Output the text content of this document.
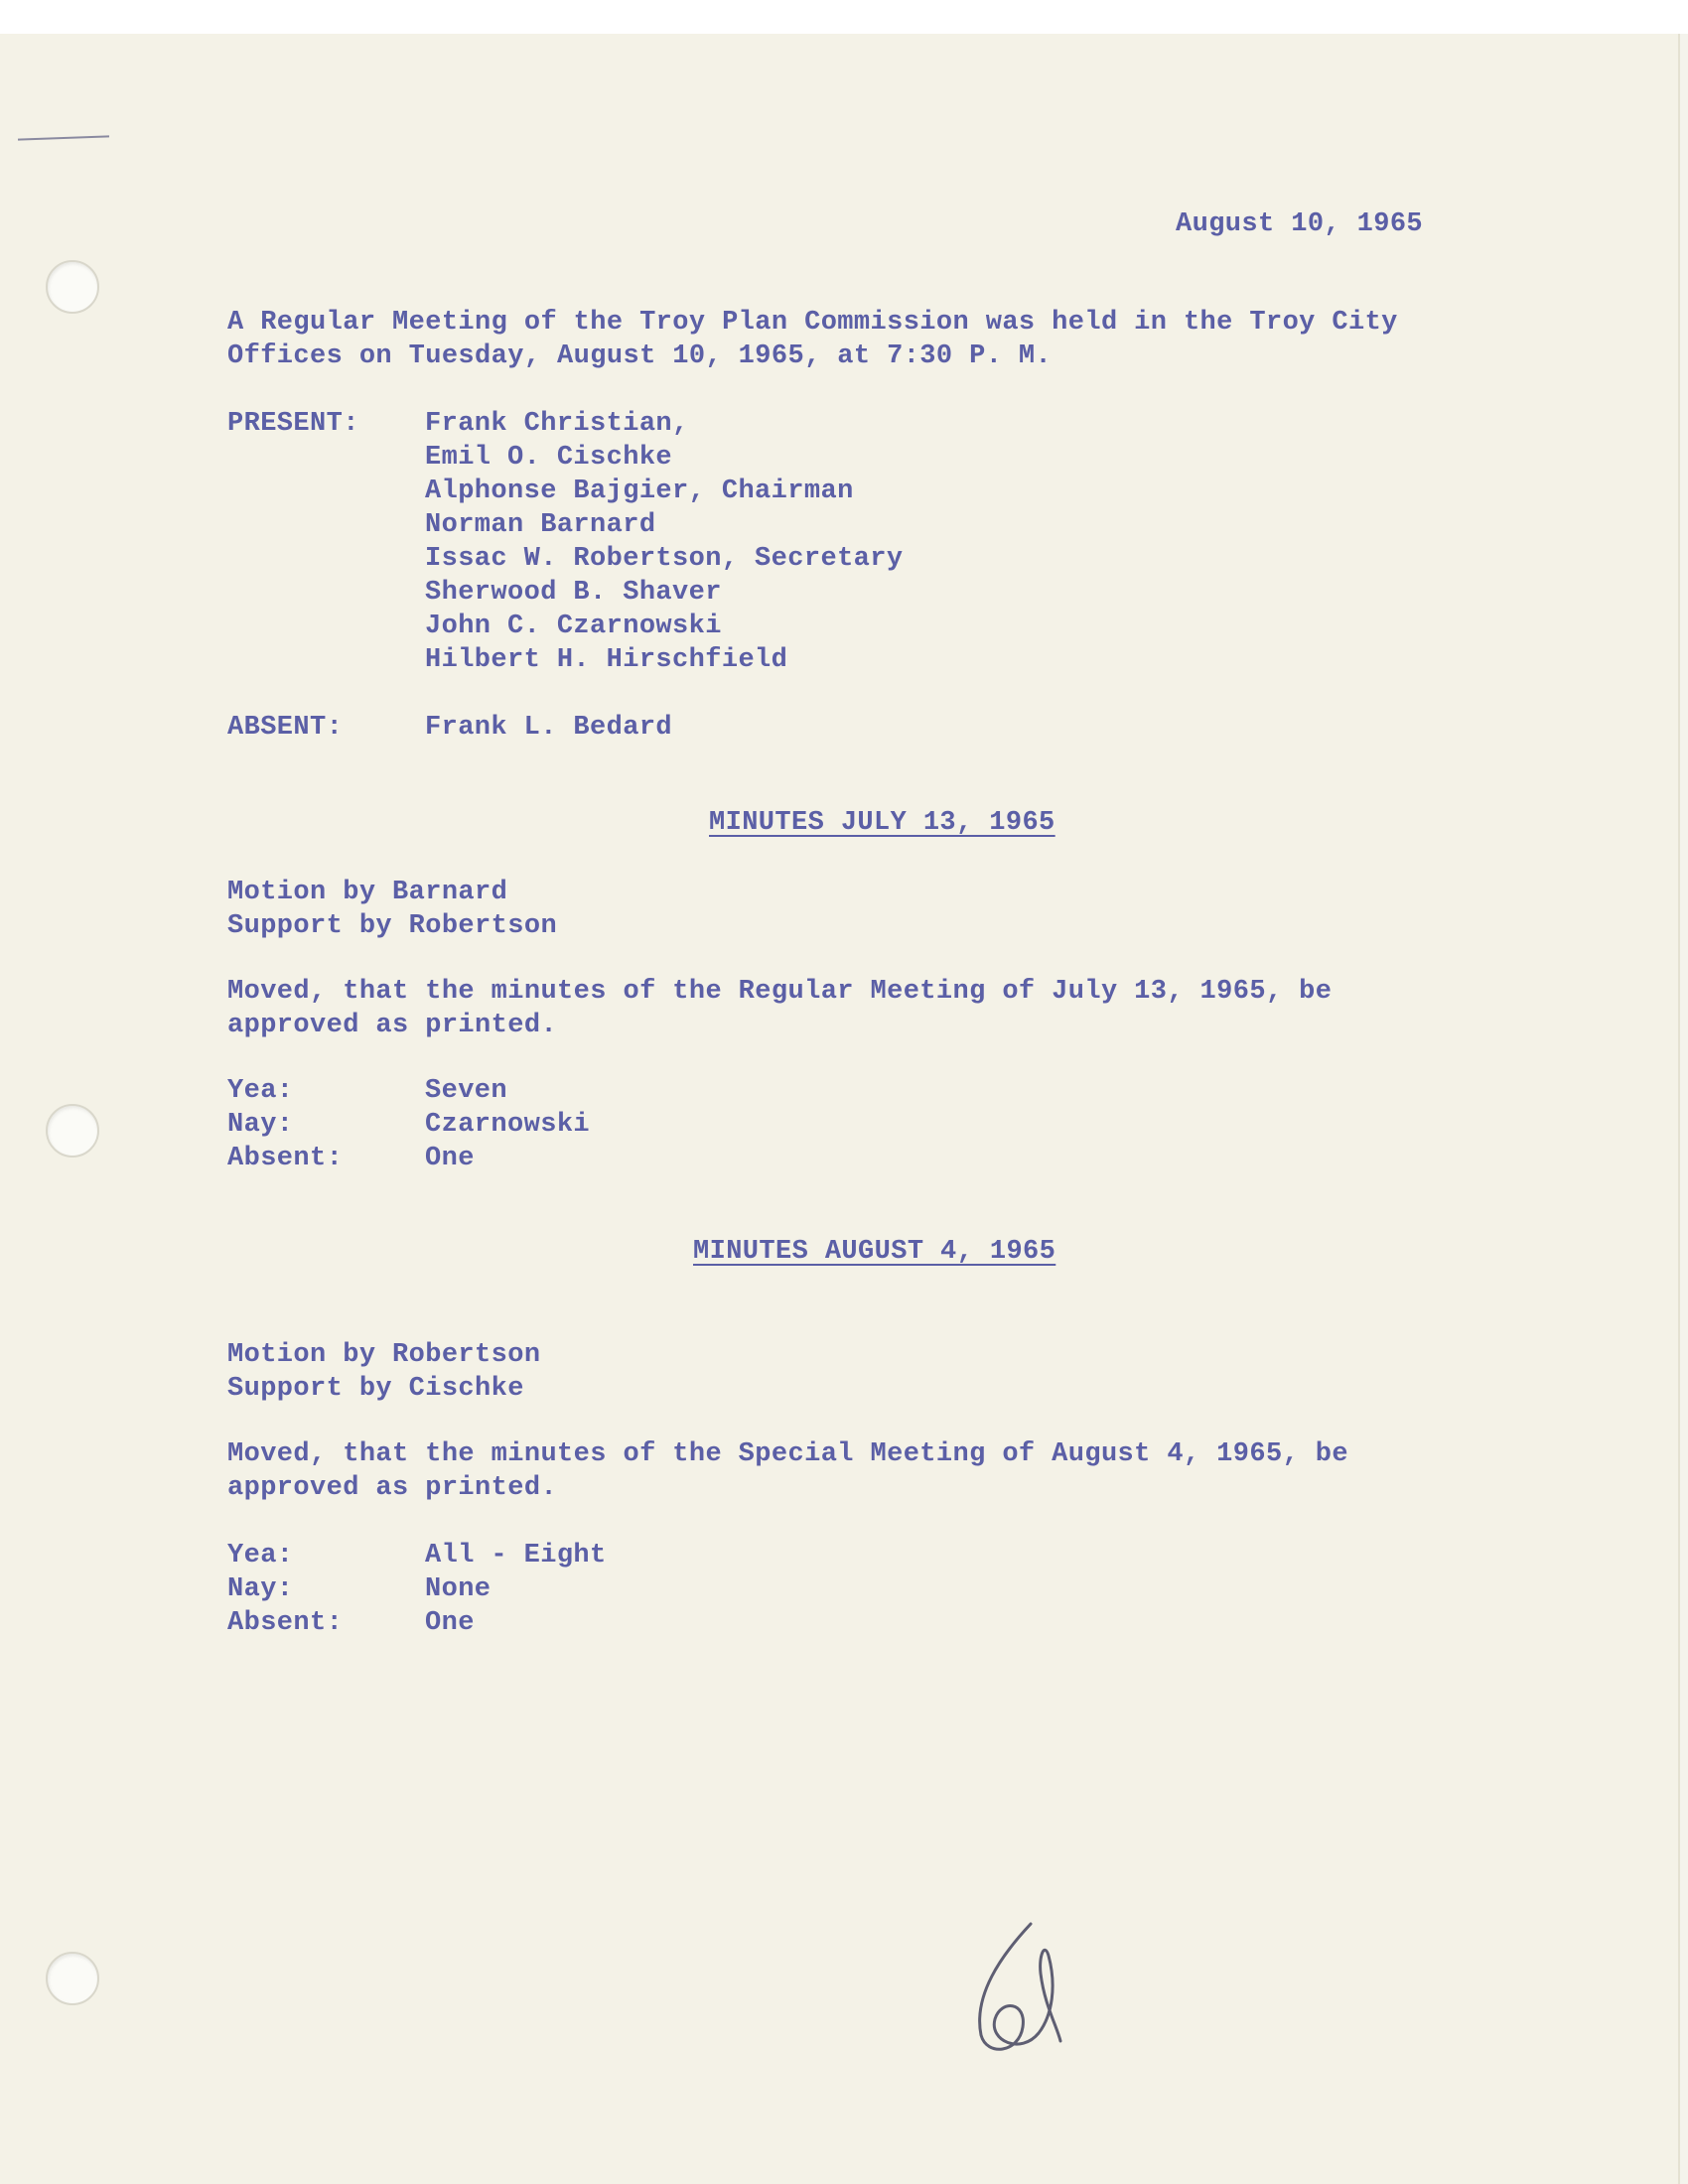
August 10, 1965
A Regular Meeting of the Troy Plan Commission was held in the Troy City
Offices on Tuesday, August 10, 1965, at 7:30 P. M.
PRESENT: Frank Christian,
Emil O. Cischke
Alphonse Bajgier, Chairman
Norman Barnard
Issac W. Robertson, Secretary
Sherwood B. Shaver
John C. Czarnowski
Hilbert H. Hirschfield
ABSENT:	Frank L. Bedard
MINUTES JULY 13, 1965
Motion by Barnard
Support by Robertson
Moved, that the minutes of the Regular Meeting of July 13, 1965, be
approved as printed.
Yea:	Seven
Nay:	Czarnowski
Absent:	One
MINUTES AUGUST 4, 1965
Motion by Robertson
Support by Cischke
Moved, that the minutes of the Special Meeting of August 4, 1965, be
approved as printed.
Yea:	All - Eight
Nay:	None
Absent:	One
